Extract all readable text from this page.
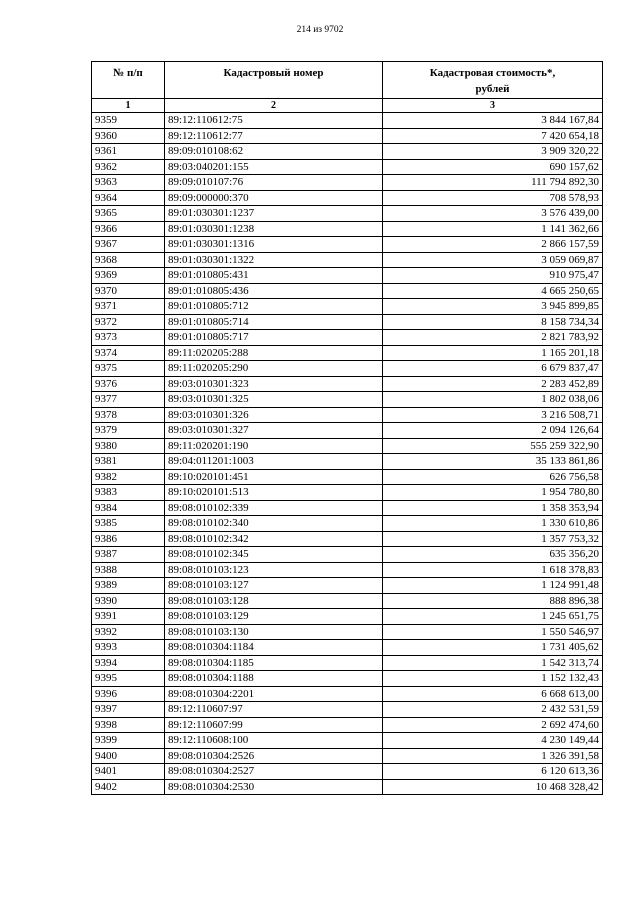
214 из 9702
№ п/п	Кадастровый номер	Кадастровая стоимость*,
рублей
1	2	3
9359	89:12:110612:75	3 844 167,84
9360	89:12:110612:77	7 420 654,18
9361	89:09:010108:62	3 909 320,22
9362	89:03:040201:155	690 157,62
9363	89:09:010107:76	111 794 892,30
9364	89:09:000000:370	708 578,93
9365	89:01:030301:1237	3 576 439,00
9366	89:01:030301:1238	1 141 362,66
9367	89:01:030301:1316	2 866 157,59
9368	89:01:030301:1322	3 059 069,87
9369	89:01:010805:431	910 975,47
9370	89:01:010805:436	4 665 250,65
9371	89:01:010805:712	3 945 899,85
9372	89:01:010805:714	8 158 734,34
9373	89:01:010805:717	2 821 783,92
9374	89:11:020205:288	1 165 201,18
9375	89:11:020205:290	6 679 837,47
9376	89:03:010301:323	2 283 452,89
9377	89:03:010301:325	1 802 038,06
9378	89:03:010301:326	3 216 508,71
9379	89:03:010301:327	2 094 126,64
9380	89:11:020201:190	555 259 322,90
9381	89:04:011201:1003	35 133 861,86
9382	89:10:020101:451	626 756,58
9383	89:10:020101:513	1 954 780,80
9384	89:08:010102:339	1 358 353,94
9385	89:08:010102:340	1 330 610,86
9386	89:08:010102:342	1 357 753,32
9387	89:08:010102:345	635 356,20
9388	89:08:010103:123	1 618 378,83
9389	89:08:010103:127	1 124 991,48
9390	89:08:010103:128	888 896,38
9391	89:08:010103:129	1 245 651,75
9392	89:08:010103:130	1 550 546,97
9393	89:08:010304:1184	1 731 405,62
9394	89:08:010304:1185	1 542 313,74
9395	89:08:010304:1188	1 152 132,43
9396	89:08:010304:2201	6 668 613,00
9397	89:12:110607:97	2 432 531,59
9398	89:12:110607:99	2 692 474,60
9399	89:12:110608:100	4 230 149,44
9400	89:08:010304:2526	1 326 391,58
9401	89:08:010304:2527	6 120 613,36
9402	89:08:010304:2530	10 468 328,42
